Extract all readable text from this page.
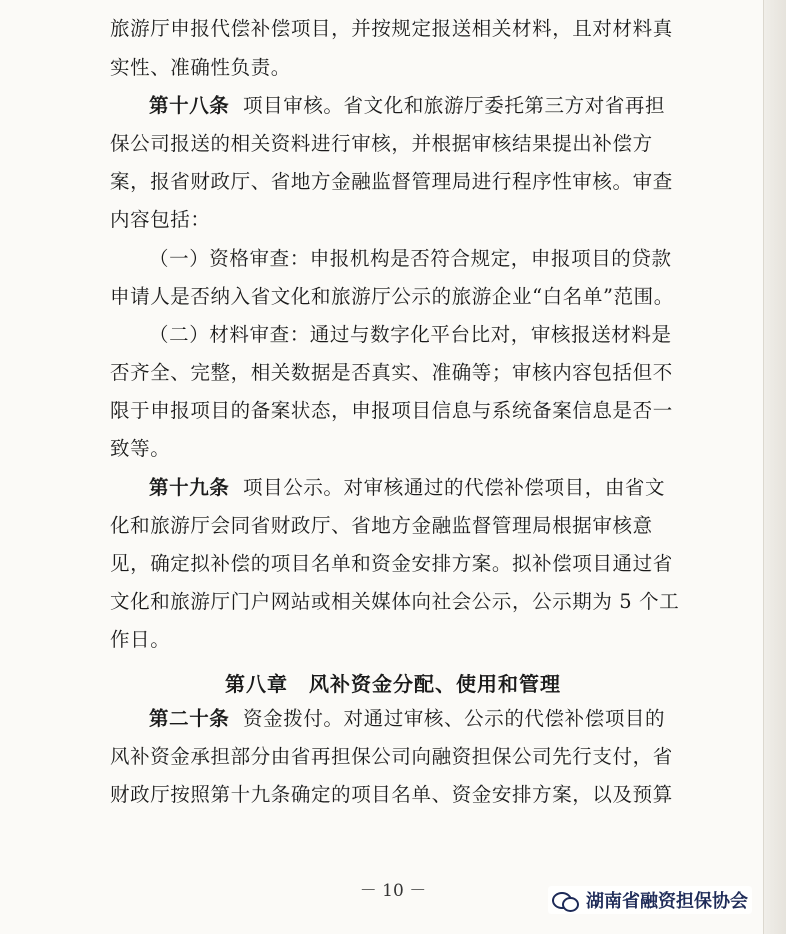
旅游厅申报代偿补偿项目，并按规定报送相关材料，且对材料真
实性、准确性负责。
第十八条 项目审核。省文化和旅游厅委托第三方对省再担
保公司报送的相关资料进行审核，并根据审核结果提出补偿方
案，报省财政厅、省地方金融监督管理局进行程序性审核。审查
内容包括：
（一）资格审查：申报机构是否符合规定，申报项目的贷款
申请人是否纳入省文化和旅游厅公示的旅游企业“白名单”范围。
（二）材料审查：通过与数字化平台比对，审核报送材料是
否齐全、完整，相关数据是否真实、准确等；审核内容包括但不
限于申报项目的备案状态，申报项目信息与系统备案信息是否一
致等。
第十九条 项目公示。对审核通过的代偿补偿项目，由省文
化和旅游厅会同省财政厅、省地方金融监督管理局根据审核意
见，确定拟补偿的项目名单和资金安排方案。拟补偿项目通过省
文化和旅游厅门户网站或相关媒体向社会公示，公示期为 5 个工
作日。
第八章　风补资金分配、使用和管理
第二十条 资金拨付。对通过审核、公示的代偿补偿项目的
风补资金承担部分由省再担保公司向融资担保公司先行支付，省
财政厅按照第十九条确定的项目名单、资金安排方案，以及预算
－ 10 －	湖南省融资担保协会
